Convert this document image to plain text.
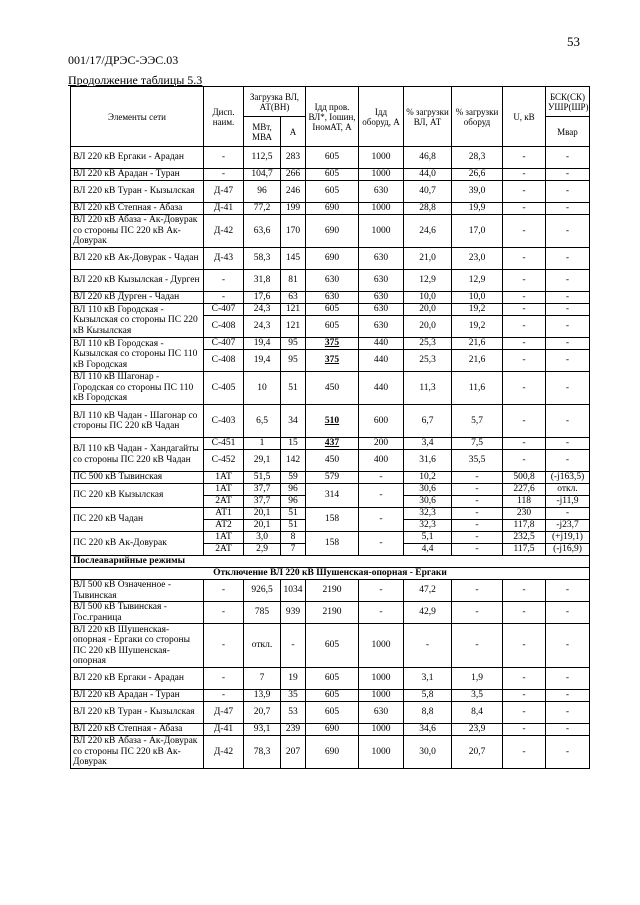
53
001/17/ДРЭС-ЭЭС.03
Продолжение таблицы 5.3
Элементы сети	Дисп. наим.	Загрузка ВЛ, АТ(ВН)		Iдд пров. ВЛ*, Iошин, IномАТ, А	Iдд оборуд, А	% загрузки ВЛ, АТ	% загрузки оборуд	U, кВ	БСК(СК) УШР(ШР)
		МВт, МВА	А						Мвар
ВЛ 220 кВ Ергаки - Арадан	-	112,5	283	605	1000	46,8	28,3	-	-
ВЛ 220 кВ Арадан - Туран	-	104,7	266	605	1000	44,0	26,6	-	-
ВЛ 220 кВ Туран - Кызылская	Д-47	96	246	605	630	40,7	39,0	-	-
ВЛ 220 кВ Степная - Абаза	Д-41	77,2	199	690	1000	28,8	19,9	-	-
ВЛ 220 кВ Абаза - Ак-Довурак со стороны ПС 220 кВ Ак-Довурак	Д-42	63,6	170	690	1000	24,6	17,0	-	-
ВЛ 220 кВ Ак-Довурак - Чадан	Д-43	58,3	145	690	630	21,0	23,0	-	-
ВЛ 220 кВ Кызылская - Дурген	-	31,8	81	630	630	12,9	12,9	-	-
ВЛ 220 кВ Дурген - Чадан	-	17,6	63	630	630	10,0	10,0	-	-
ВЛ 110 кВ Городская - Кызылская со стороны ПС 220 кВ Кызылская	С-407	24,3	121	605	630	20,0	19,2	-	-
	С-408	24,3	121	605	630	20,0	19,2	-	-
ВЛ 110 кВ Городская - Кызылская со стороны ПС 110 кВ Городская	С-407	19,4	95	375	440	25,3	21,6	-	-
	С-408	19,4	95	375	440	25,3	21,6	-	-
ВЛ 110 кВ Шагонар - Городская со стороны ПС 110 кВ Городская	С-405	10	51	450	440	11,3	11,6	-	-
ВЛ 110 кВ Чадан - Шагонар со стороны ПС 220 кВ Чадан	С-403	6,5	34	510	600	6,7	5,7	-	-
ВЛ 110 кВ Чадан - Хандагайты со стороны ПС 220 кВ Чадан	С-451	1	15	437	200	3,4	7,5	-	-
	С-452	29,1	142	450	400	31,6	35,5	-	-
ПС 500 кВ Тывинская	1АТ	51,5	59	579	-	10,2	-	500,8	(-j163,5)
ПС 220 кВ Кызылская	1АТ	37,7	96	314	-	30,6	-	227,6	откл.
	2АТ	37,7	96			30,6	-	118	-j11,9
ПС 220 кВ Чадан	АТ1	20,1	51	158	-	32,3	-	230	-
	АТ2	20,1	51			32,3	-	117,8	-j23,7
ПС 220 кВ Ак-Довурак	1АТ	3,0	8	158	-	5,1	-	232,5	(+j19,1)
	2АТ	2,9	7			4,4	-	117,5	(-j16,9)
Послеаварийные режимы									
Отключение ВЛ 220 кВ Шушенская-опорная - Ергаки									
ВЛ 500 кВ Означенное - Тывинская	-	926,5	1034	2190	-	47,2	-	-	-
ВЛ 500 кВ Тывинская - Гос.граница	-	785	939	2190	-	42,9	-	-	-
ВЛ 220 кВ Шушенская-опорная - Ергаки со стороны ПС 220 кВ Шушенская-опорная	-	откл.	-	605	1000	-	-	-	-
ВЛ 220 кВ Ергаки - Арадан	-	7	19	605	1000	3,1	1,9	-	-
ВЛ 220 кВ Арадан - Туран	-	13,9	35	605	1000	5,8	3,5	-	-
ВЛ 220 кВ Туран - Кызылская	Д-47	20,7	53	605	630	8,8	8,4	-	-
ВЛ 220 кВ Степная - Абаза	Д-41	93,1	239	690	1000	34,6	23,9	-	-
ВЛ 220 кВ Абаза - Ак-Довурак со стороны ПС 220 кВ Ак-Довурак	Д-42	78,3	207	690	1000	30,0	20,7	-	-
